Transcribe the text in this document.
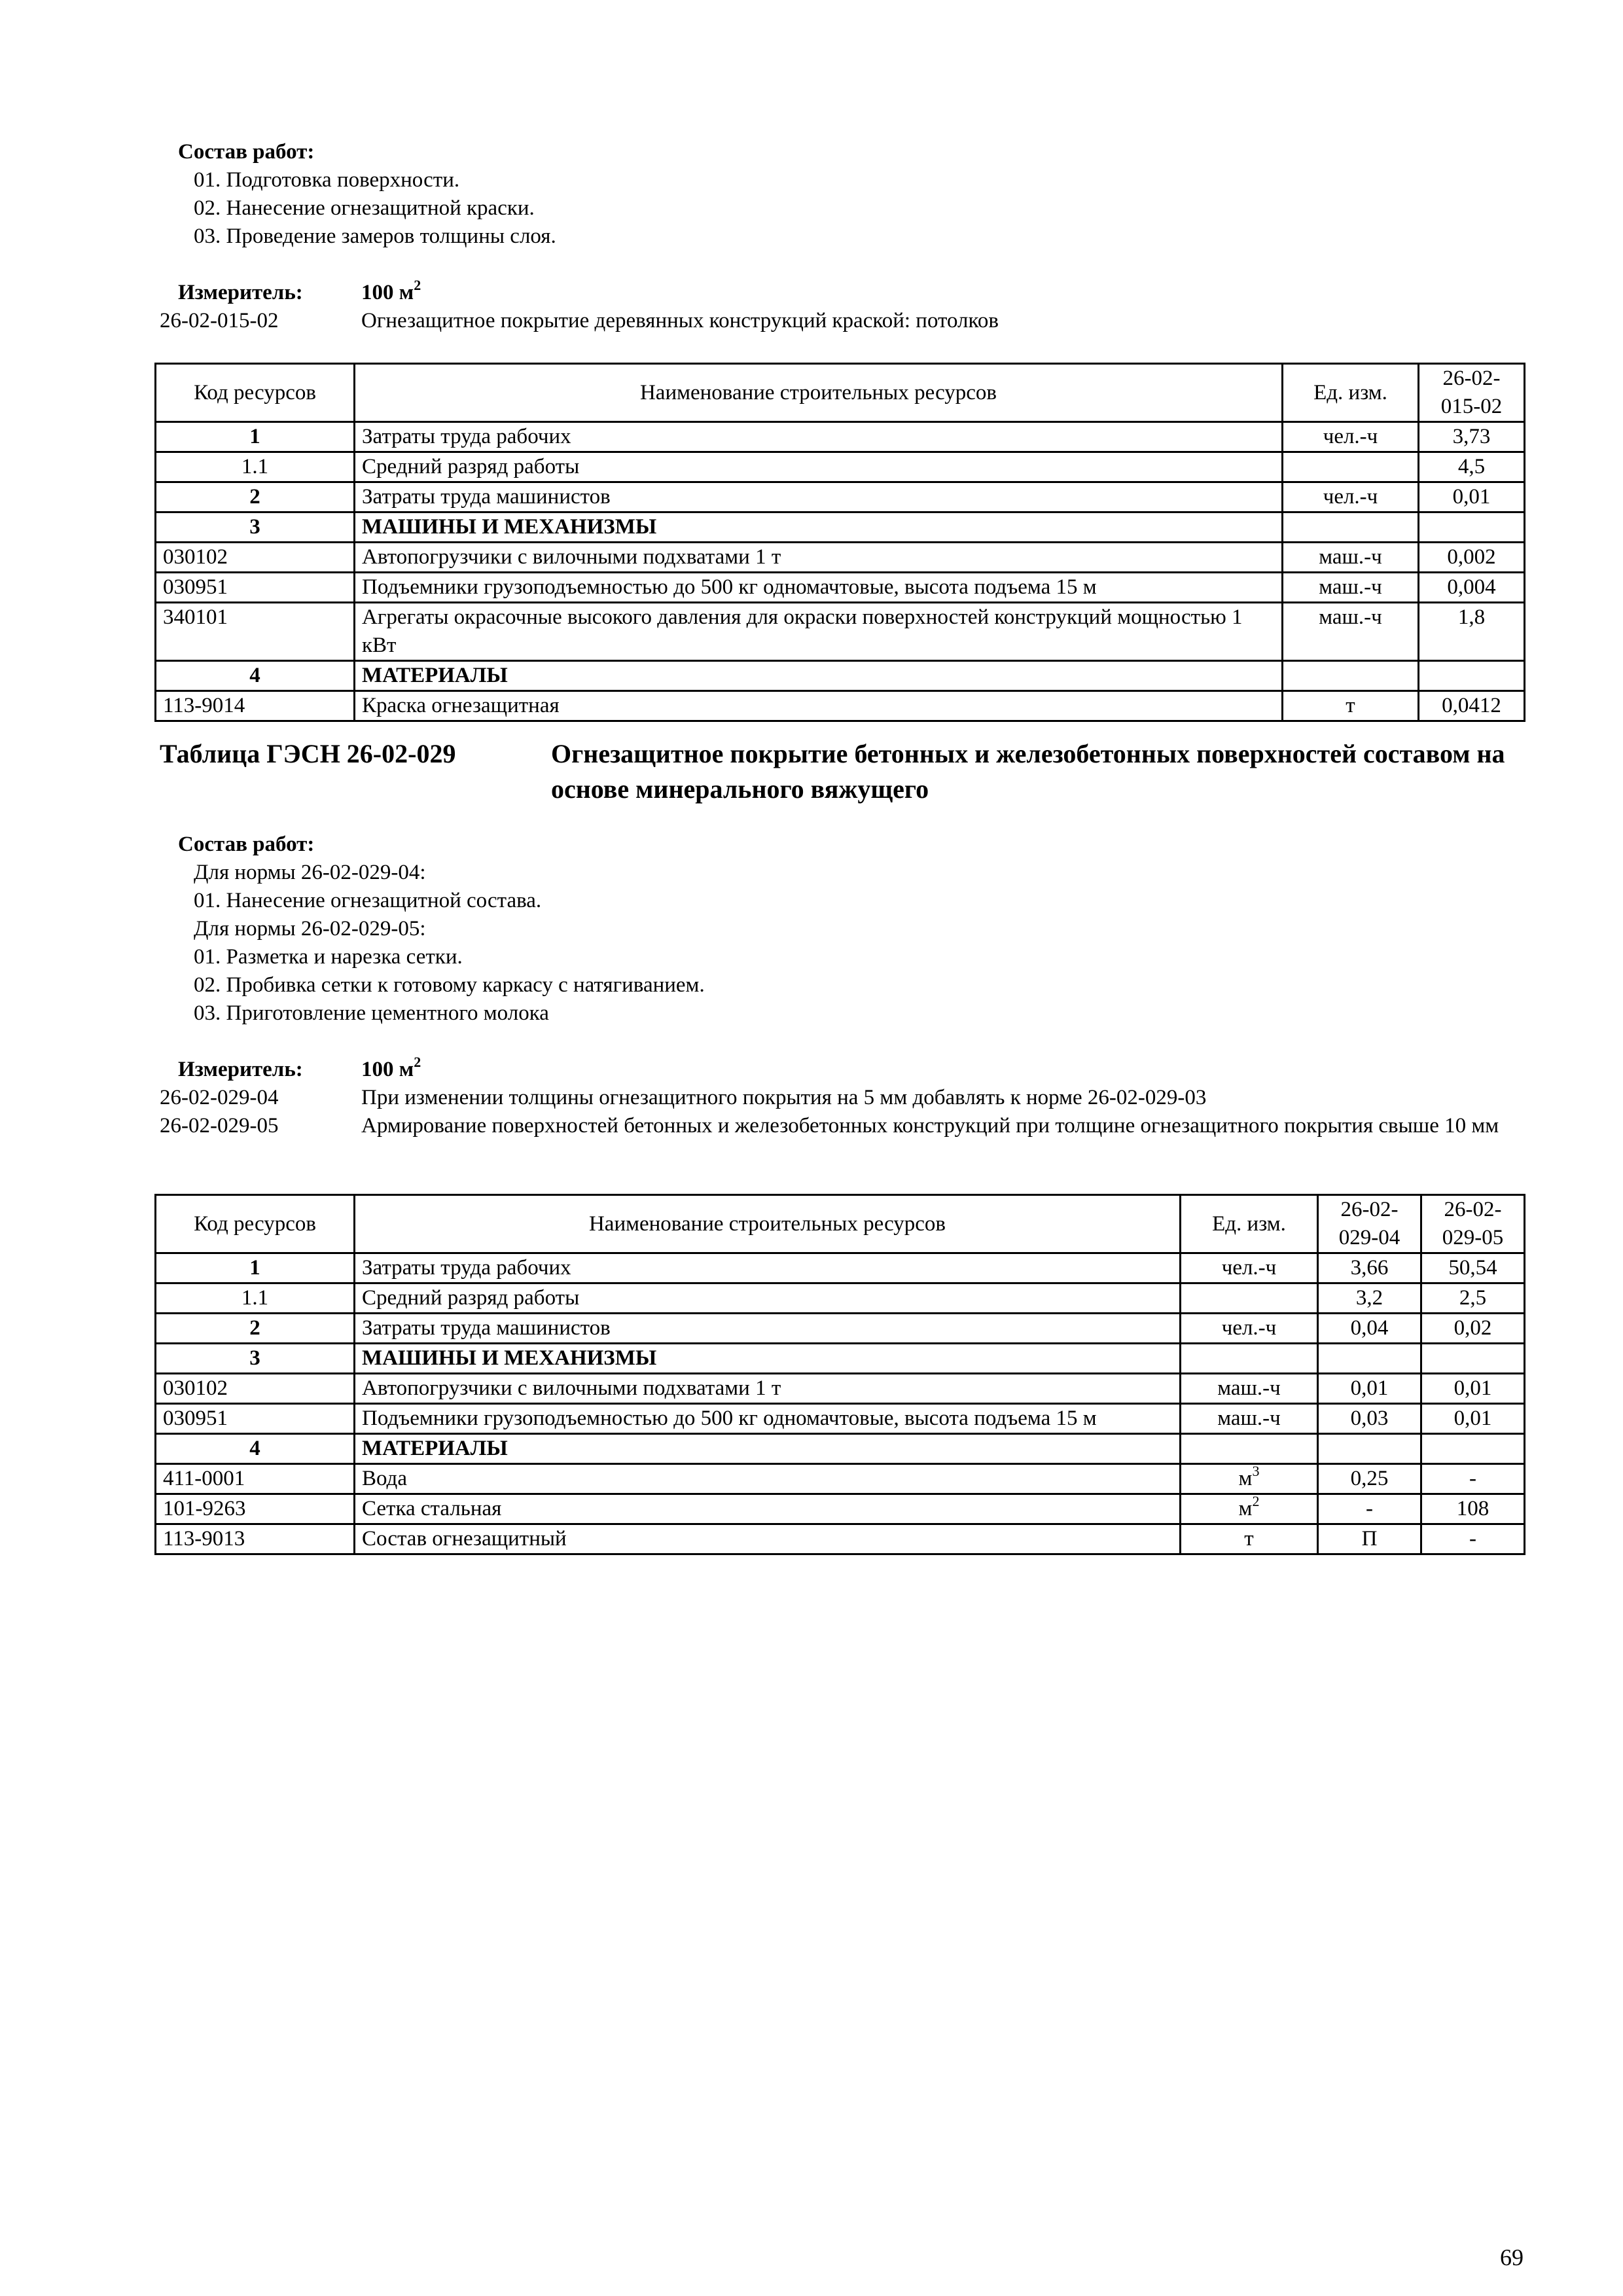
Состав работ:
01. Подготовка поверхности.
02. Нанесение огнезащитной краски.
03. Проведение замеров толщины слоя.
Измеритель:	100 $м^2$
26-02-015-02	Огнезащитное покрытие деревянных конструкций краской: потолков
Код ресурсов	Наименование строительных ресурсов	Ед. изм.	26-02-015-02
1	Затраты труда рабочих	чел.-ч	3,73
1.1	Средний разряд работы		4,5
2	Затраты труда машинистов	чел.-ч	0,01
3	МАШИНЫ И МЕХАНИЗМЫ		
030102	Автопогрузчики с вилочными подхватами 1 т	маш.-ч	0,002
030951	Подъемники грузоподъемностью до 500 кг одномачтовые, высота подъема 15 м	маш.-ч	0,004
340101	Агрегаты окрасочные высокого давления для окраски поверхностей конструкций мощностью 1 кВт	маш.-ч	1,8
4	МАТЕРИАЛЫ		
113-9014	Краска огнезащитная	т	0,0412
Таблица ГЭСН 26-02-029	Огнезащитное покрытие бетонных и железобетонных поверхностей составом на основе минерального вяжущего
Состав работ:
Для нормы 26-02-029-04:
01. Нанесение огнезащитной состава.
Для нормы 26-02-029-05:
01. Разметка и нарезка сетки.
02. Пробивка сетки к готовому каркасу с натягиванием.
03. Приготовление цементного молока
Измеритель:	100 $м^2$
26-02-029-04	При изменении толщины огнезащитного покрытия на 5 мм добавлять к норме 26-02-029-03
26-02-029-05	Армирование поверхностей бетонных и железобетонных конструкций при толщине огнезащитного покрытия свыше 10 мм
Код ресурсов	Наименование строительных ресурсов	Ед. изм.	26-02-029-04	26-02-029-05
1	Затраты труда рабочих	чел.-ч	3,66	50,54
1.1	Средний разряд работы		3,2	2,5
2	Затраты труда машинистов	чел.-ч	0,04	0,02
3	МАШИНЫ И МЕХАНИЗМЫ			
030102	Автопогрузчики с вилочными подхватами 1 т	маш.-ч	0,01	0,01
030951	Подъемники грузоподъемностью до 500 кг одномачтовые, высота подъема 15 м	маш.-ч	0,03	0,01
4	МАТЕРИАЛЫ			
411-0001	Вода	$м^3$	0,25	-
101-9263	Сетка стальная	$м^2$	-	108
113-9013	Состав огнезащитный	т	П	-
69
